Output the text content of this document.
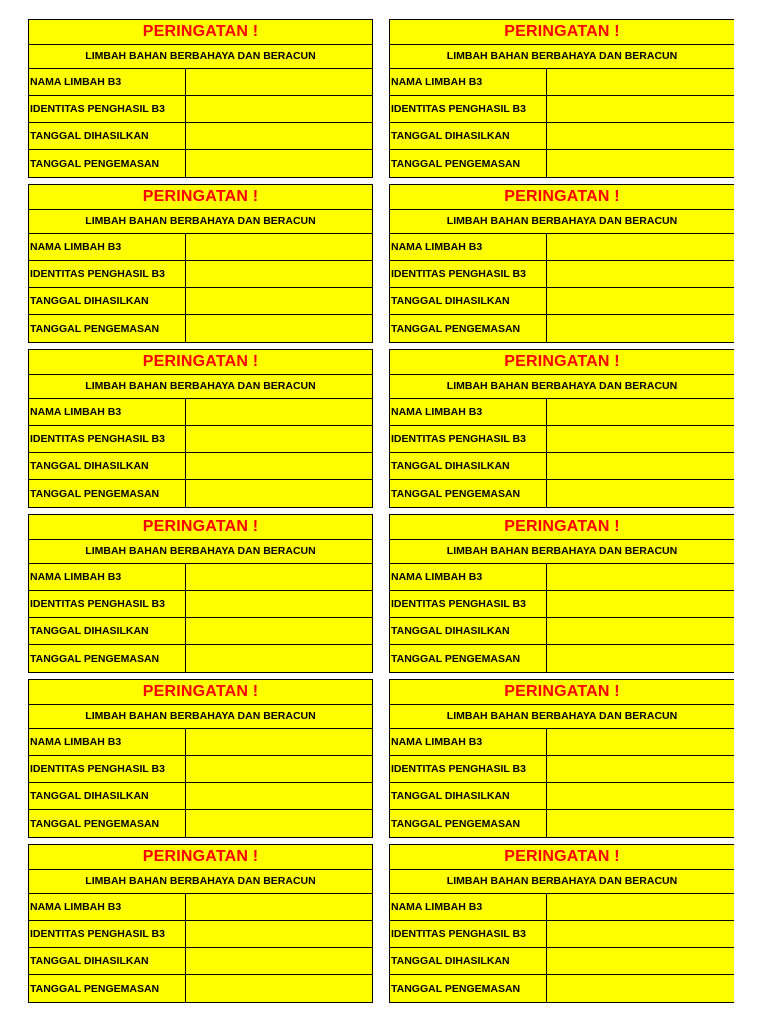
PERINGATAN !
LIMBAH BAHAN BERBAHAYA DAN BERACUN
NAMA LIMBAH B3
IDENTITAS PENGHASIL B3
TANGGAL DIHASILKAN
TANGGAL PENGEMASAN
PERINGATAN !
LIMBAH BAHAN BERBAHAYA DAN BERACUN
NAMA LIMBAH B3
IDENTITAS PENGHASIL B3
TANGGAL DIHASILKAN
TANGGAL PENGEMASAN
PERINGATAN !
LIMBAH BAHAN BERBAHAYA DAN BERACUN
NAMA LIMBAH B3
IDENTITAS PENGHASIL B3
TANGGAL DIHASILKAN
TANGGAL PENGEMASAN
PERINGATAN !
LIMBAH BAHAN BERBAHAYA DAN BERACUN
NAMA LIMBAH B3
IDENTITAS PENGHASIL B3
TANGGAL DIHASILKAN
TANGGAL PENGEMASAN
PERINGATAN !
LIMBAH BAHAN BERBAHAYA DAN BERACUN
NAMA LIMBAH B3
IDENTITAS PENGHASIL B3
TANGGAL DIHASILKAN
TANGGAL PENGEMASAN
PERINGATAN !
LIMBAH BAHAN BERBAHAYA DAN BERACUN
NAMA LIMBAH B3
IDENTITAS PENGHASIL B3
TANGGAL DIHASILKAN
TANGGAL PENGEMASAN
PERINGATAN !
LIMBAH BAHAN BERBAHAYA DAN BERACUN
NAMA LIMBAH B3
IDENTITAS PENGHASIL B3
TANGGAL DIHASILKAN
TANGGAL PENGEMASAN
PERINGATAN !
LIMBAH BAHAN BERBAHAYA DAN BERACUN
NAMA LIMBAH B3
IDENTITAS PENGHASIL B3
TANGGAL DIHASILKAN
TANGGAL PENGEMASAN
PERINGATAN !
LIMBAH BAHAN BERBAHAYA DAN BERACUN
NAMA LIMBAH B3
IDENTITAS PENGHASIL B3
TANGGAL DIHASILKAN
TANGGAL PENGEMASAN
PERINGATAN !
LIMBAH BAHAN BERBAHAYA DAN BERACUN
NAMA LIMBAH B3
IDENTITAS PENGHASIL B3
TANGGAL DIHASILKAN
TANGGAL PENGEMASAN
PERINGATAN !
LIMBAH BAHAN BERBAHAYA DAN BERACUN
NAMA LIMBAH B3
IDENTITAS PENGHASIL B3
TANGGAL DIHASILKAN
TANGGAL PENGEMASAN
PERINGATAN !
LIMBAH BAHAN BERBAHAYA DAN BERACUN
NAMA LIMBAH B3
IDENTITAS PENGHASIL B3
TANGGAL DIHASILKAN
TANGGAL PENGEMASAN
